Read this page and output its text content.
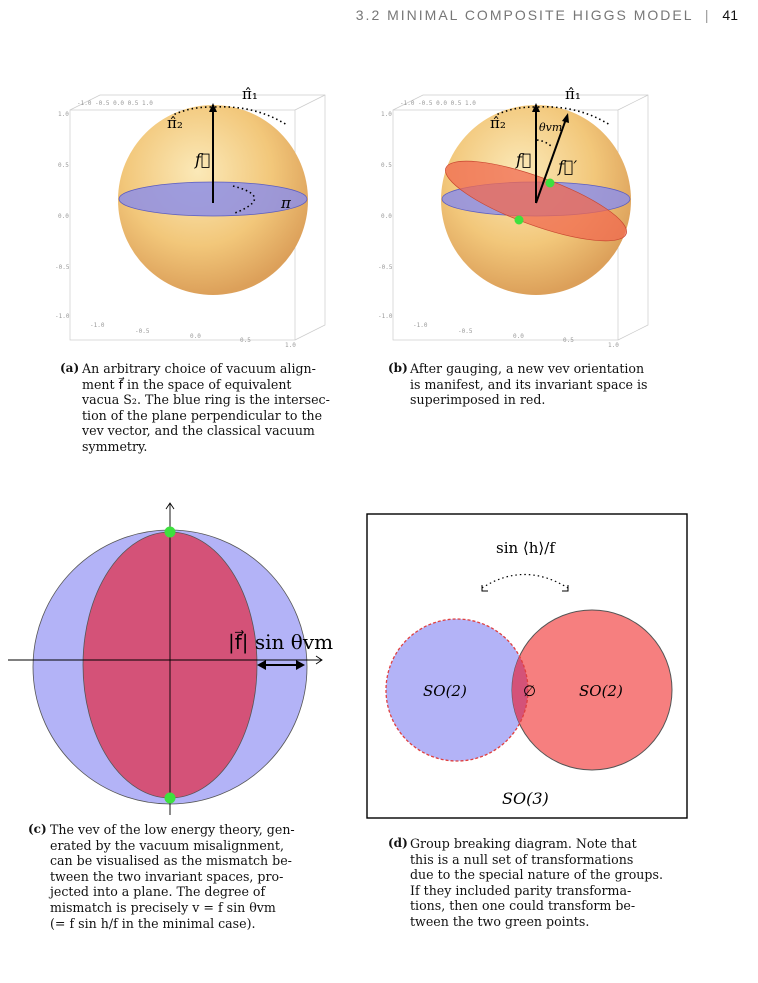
3.2 MINIMAL COMPOSITE HIGGS MODEL | 41
-1.0 -0.5 0.0 0.5 1.0
1.0
0.5
0.0
-0.5
-1.0
-1.0
-0.5
0.0
0.5
1.0
π̂₁
π̂₂
f⃗
π
-1.0 -0.5 0.0 0.5 1.0
1.0
0.5
0.0
-0.5
-1.0
-1.0
-0.5
0.0
0.5
1.0
π̂₁
π̂₂	θvm
f⃗ f⃗′
(a) An arbitrary choice of vacuum align-
ment f⃗ in the space of equivalent
vacua S₂. The blue ring is the intersec-
tion of the plane perpendicular to the
vev vector, and the classical vacuum
symmetry.
(b) After gauging, a new vev orientation
is manifest, and its invariant space is
superimposed in red.
|f⃗| sin θvm
(c) The vev of the low energy theory, gen-
erated by the vacuum misalignment,
can be visualised as the mismatch be-
tween the two invariant spaces, pro-
jected into a plane. The degree of
mismatch is precisely v = f sin θvm
(= f sin h/f in the minimal case).
sin ⟨h⟩/f
SO(2)	∅	SO(2)
SO(3)
(d) Group breaking diagram. Note that
this is a null set of transformations
due to the special nature of the groups.
If they included parity transforma-
tions, then one could transform be-
tween the two green points.
